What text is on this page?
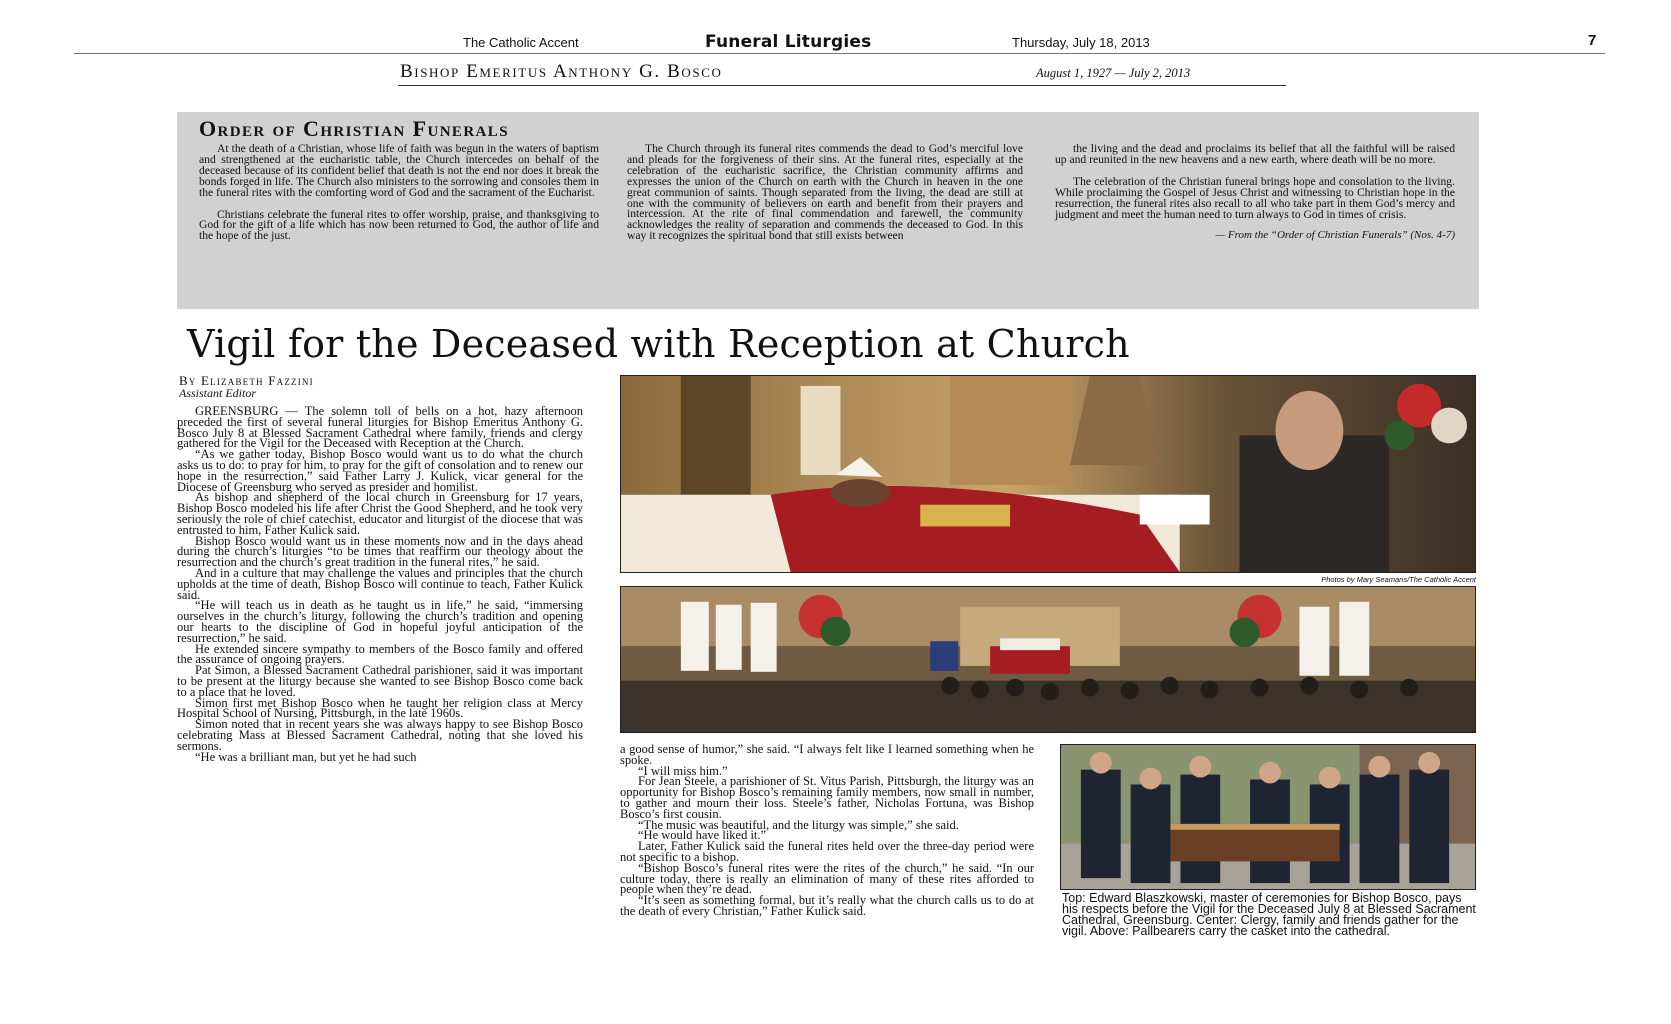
The Catholic Accent	Funeral Liturgies	Thursday, July 18, 2013	7
Bishop Emeritus Anthony G. Bosco	August 1, 1927 — July 2, 2013
Order of Christian Funerals

At the death of a Christian, whose life of faith was begun in the waters of baptism and strengthened at the eucharistic table, the Church intercedes on behalf of the deceased because of its confident belief that death is not the end nor does it break the bonds forged in life. The Church also ministers to the sorrowing and consoles them in the funeral rites with the comforting word of God and the sacrament of the Eucharist.

Christians celebrate the funeral rites to offer worship, praise, and thanksgiving to God for the gift of a life which has now been returned to God, the author of life and the hope of the just.

The Church through its funeral rites commends the dead to God’s merciful love and pleads for the forgiveness of their sins. At the funeral rites, especially at the celebration of the eucharistic sacrifice, the Christian community affirms and expresses the union of the Church on earth with the Church in heaven in the one great communion of saints. Though separated from the living, the dead are still at one with the community of believers on earth and benefit from their prayers and intercession. At the rite of final commendation and farewell, the community acknowledges the reality of separation and commends the deceased to God. In this way it recognizes the spiritual bond that still exists between

the living and the dead and proclaims its belief that all the faithful will be raised up and reunited in the new heavens and a new earth, where death will be no more.

The celebration of the Christian funeral brings hope and consolation to the living. While proclaiming the Gospel of Jesus Christ and witnessing to Christian hope in the resurrection, the funeral rites also recall to all who take part in them God’s mercy and judgment and meet the human need to turn always to God in times of crisis.

— From the “Order of Christian Funerals” (Nos. 4-7)
Vigil for the Deceased with Reception at Church
By Elizabeth Fazzini
Assistant Editor

GREENSBURG — The solemn toll of bells on a hot, hazy afternoon preceded the first of several funeral liturgies for Bishop Emeritus Anthony G. Bosco July 8 at Blessed Sacrament Cathedral where family, friends and clergy gathered for the Vigil for the Deceased with Reception at the Church.

“As we gather today, Bishop Bosco would want us to do what the church asks us to do: to pray for him, to pray for the gift of consolation and to renew our hope in the resurrection,” said Father Larry J. Kulick, vicar general for the Diocese of Greensburg who served as presider and homilist.

As bishop and shepherd of the local church in Greensburg for 17 years, Bishop Bosco modeled his life after Christ the Good Shepherd, and he took very seriously the role of chief catechist, educator and liturgist of the diocese that was entrusted to him, Father Kulick said.

Bishop Bosco would want us in these moments now and in the days ahead during the church’s liturgies “to be times that reaffirm our theology about the resurrection and the church’s great tradition in the funeral rites,” he said.

And in a culture that may challenge the values and principles that the church upholds at the time of death, Bishop Bosco will continue to teach, Father Kulick said.

“He will teach us in death as he taught us in life,” he said, “immersing ourselves in the church’s liturgy, following the church’s tradition and opening our hearts to the discipline of God in hopeful joyful anticipation of the resurrection,” he said.

He extended sincere sympathy to members of the Bosco family and offered the assurance of ongoing prayers.

Pat Simon, a Blessed Sacrament Cathedral parishioner, said it was important to be present at the liturgy because she wanted to see Bishop Bosco come back to a place that he loved.

Simon first met Bishop Bosco when he taught her religion class at Mercy Hospital School of Nursing, Pittsburgh, in the late 1960s.

Simon noted that in recent years she was always happy to see Bishop Bosco celebrating Mass at Blessed Sacrament Cathedral, noting that she loved his sermons.

“He was a brilliant man, but yet he had such

a good sense of humor,” she said. “I always felt like I learned something when he spoke.

“I will miss him.”

For Jean Steele, a parishioner of St. Vitus Parish, Pittsburgh, the liturgy was an opportunity for Bishop Bosco’s remaining family members, now small in number, to gather and mourn their loss. Steele’s father, Nicholas Fortuna, was Bishop Bosco’s first cousin.

“The music was beautiful, and the liturgy was simple,” she said.

“He would have liked it.”

Later, Father Kulick said the funeral rites held over the three-day period were not specific to a bishop.

“Bishop Bosco’s funeral rites were the rites of the church,” he said. “In our culture today, there is really an elimination of many of these rites afforded to people when they’re dead.

“It’s seen as something formal, but it’s really what the church calls us to do at the death of every Christian,” Father Kulick said.

Photos by Mary Seamans/The Catholic Accent
Top: Edward Blaszkowski, master of ceremonies for Bishop Bosco, pays his respects before the Vigil for the Deceased July 8 at Blessed Sacrament Cathedral, Greensburg. Center: Clergy, family and friends gather for the vigil. Above: Pallbearers carry the casket into the cathedral.
